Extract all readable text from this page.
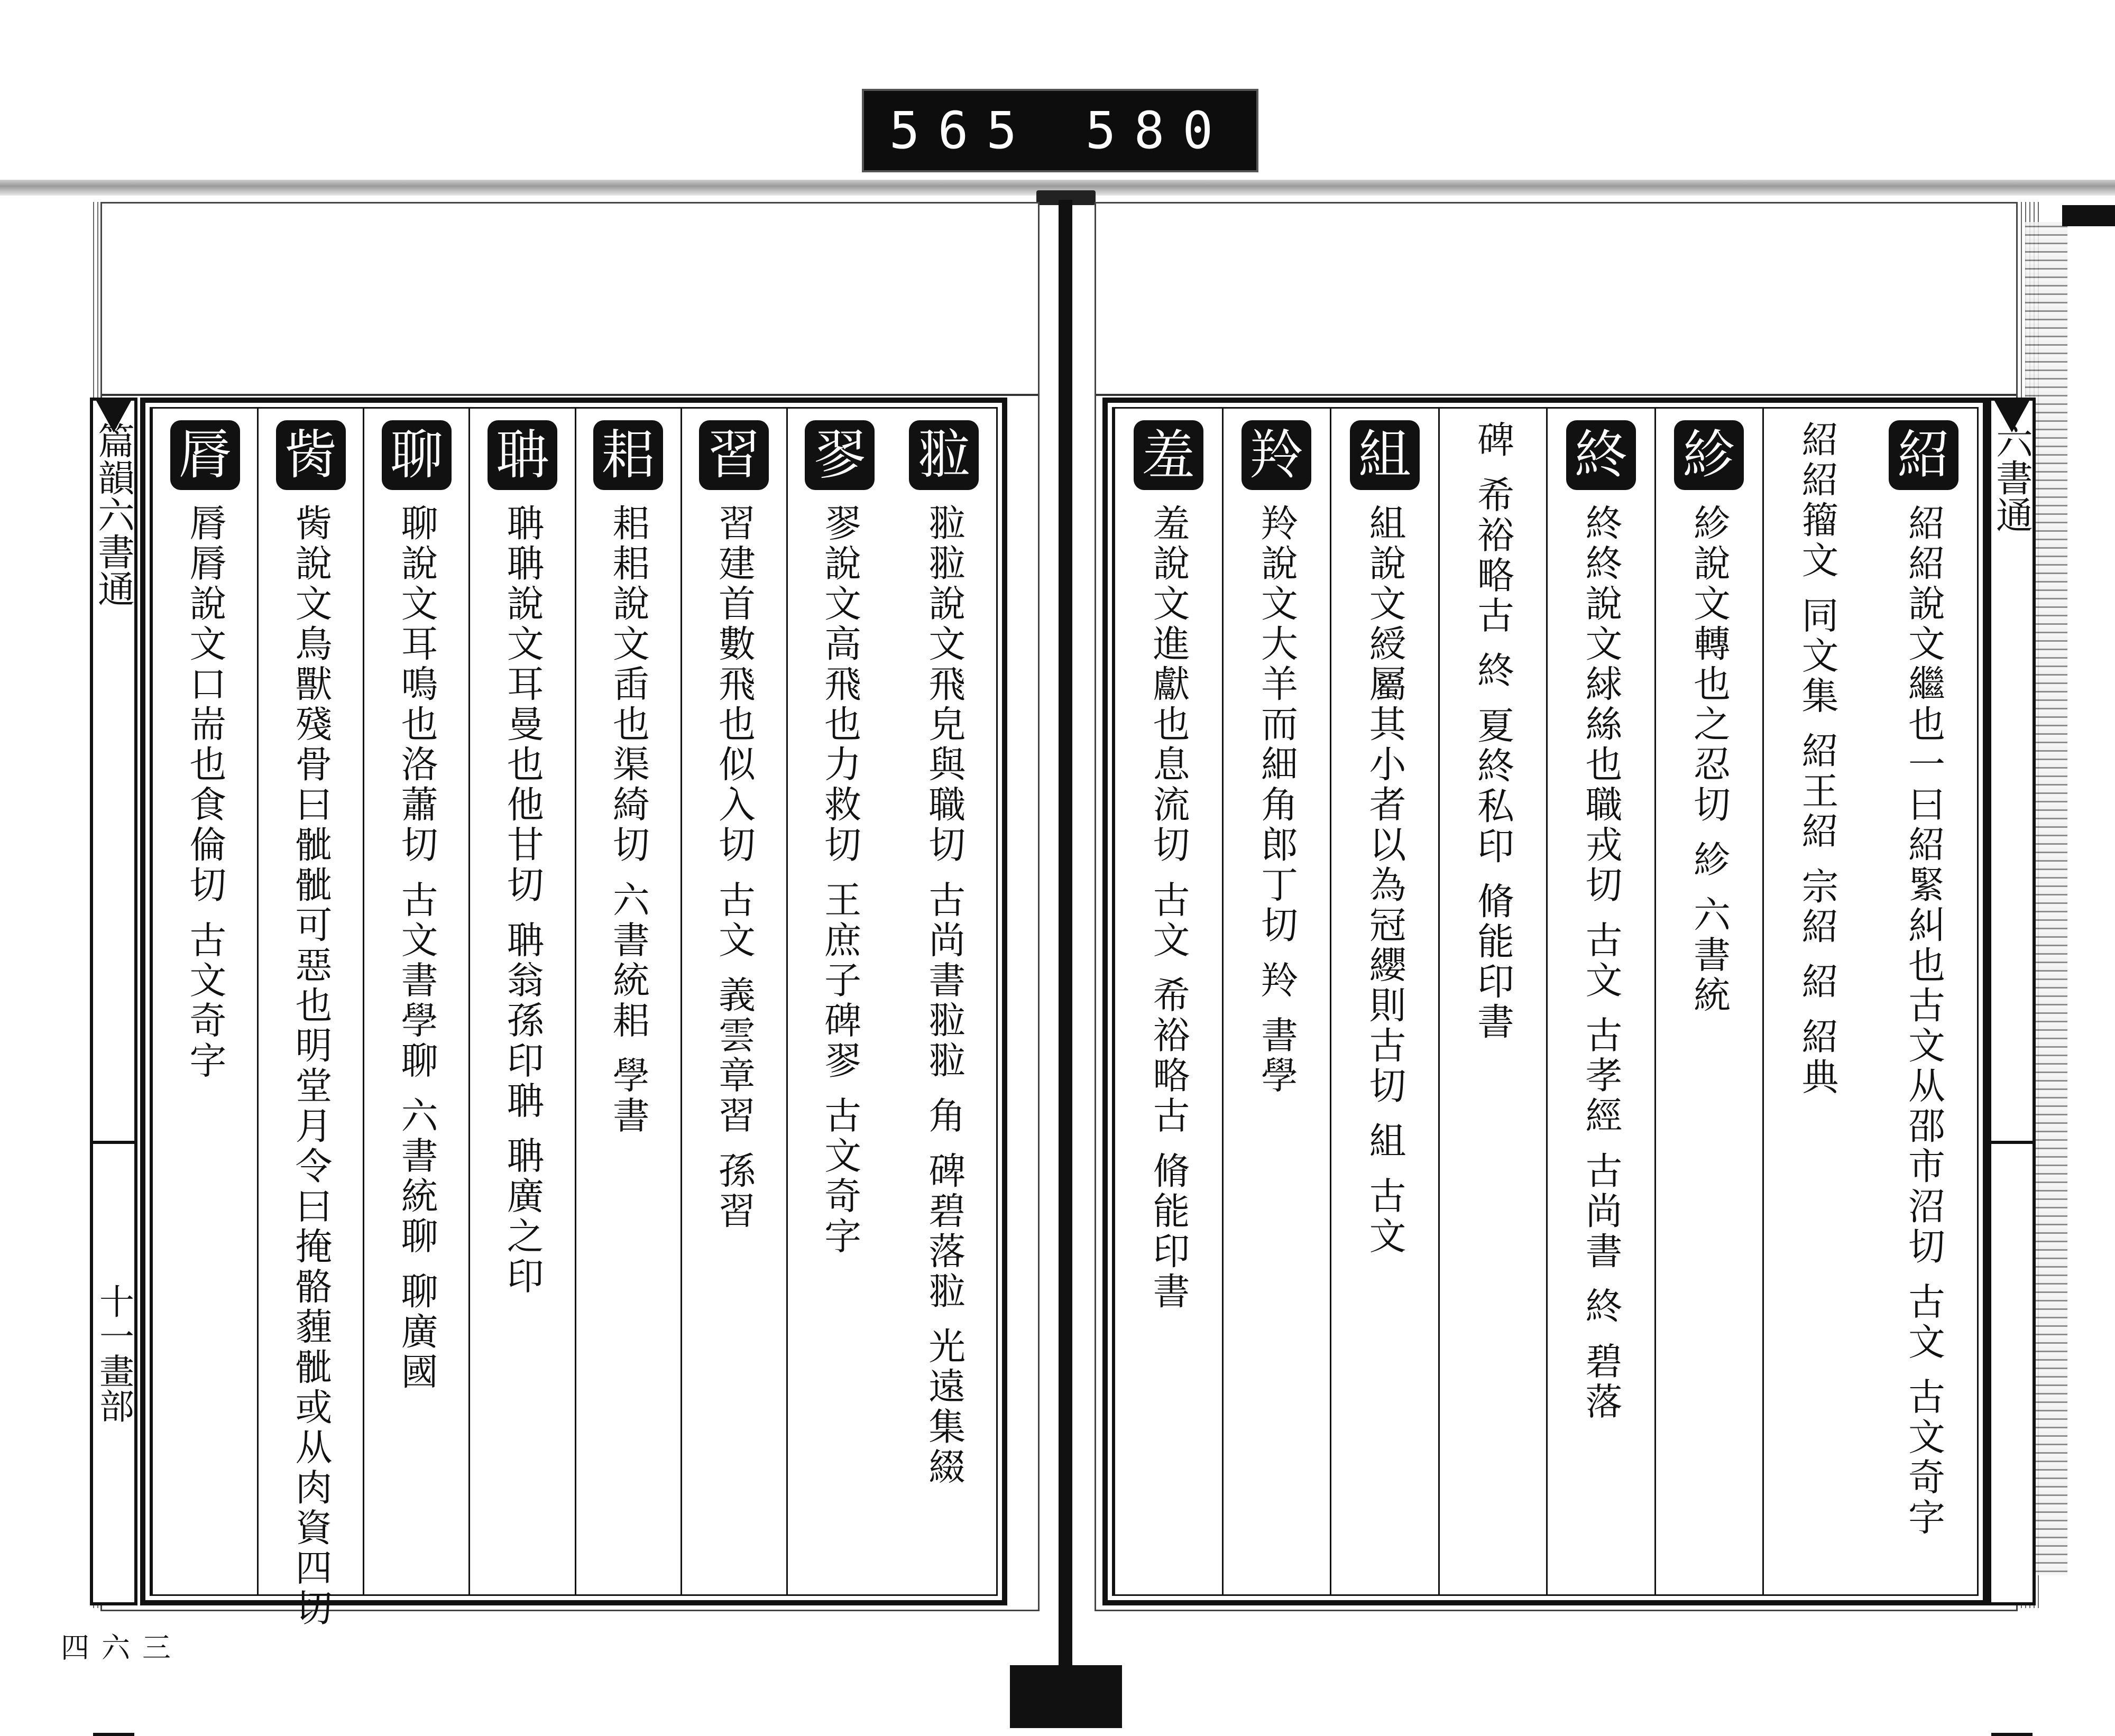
565 580
篇韻六書通
十一畫部
三六四
六書通
紹
紹紹說文繼也一曰紹緊糾也古文从邵市沼切 古文 古文奇字
紹紹籀文 同文集 紹王紹 宗紹 紹 紹典
紾
紾說文轉也之忍切 紾 六書統
終
終終說文絿絲也職戎切 古文 古孝經 古尚書 終 碧落
碑 希裕略古 終 夏終私印 脩能印書
組
組說文綬屬其小者以為冠纓則古切 組 古文
羚
羚說文大羊而細角郎丁切 羚 書學
羞
羞說文進獻也息流切 古文 希裕略古 脩能印書
翋
翋翋說文飛皃與職切 古尚書翋翋 角 碑碧落翋 光遠集綴
翏
翏說文高飛也力救切 王庶子碑翏 古文奇字
習
習建首數飛也似入切 古文 義雲章習 孫習
耜
耜耜說文臿也渠綺切 六書統耜 學書
聃
聃聃說文耳曼也他甘切 聃翁孫印聃 聃廣之印
聊
聊說文耳鳴也洛蕭切 古文書學聊 六書統聊 聊廣國
胔
胔說文鳥獸殘骨曰骴骴可惡也明堂月令曰掩骼薶骴或从肉資四切
脣
脣脣說文口耑也食倫切 古文奇字
